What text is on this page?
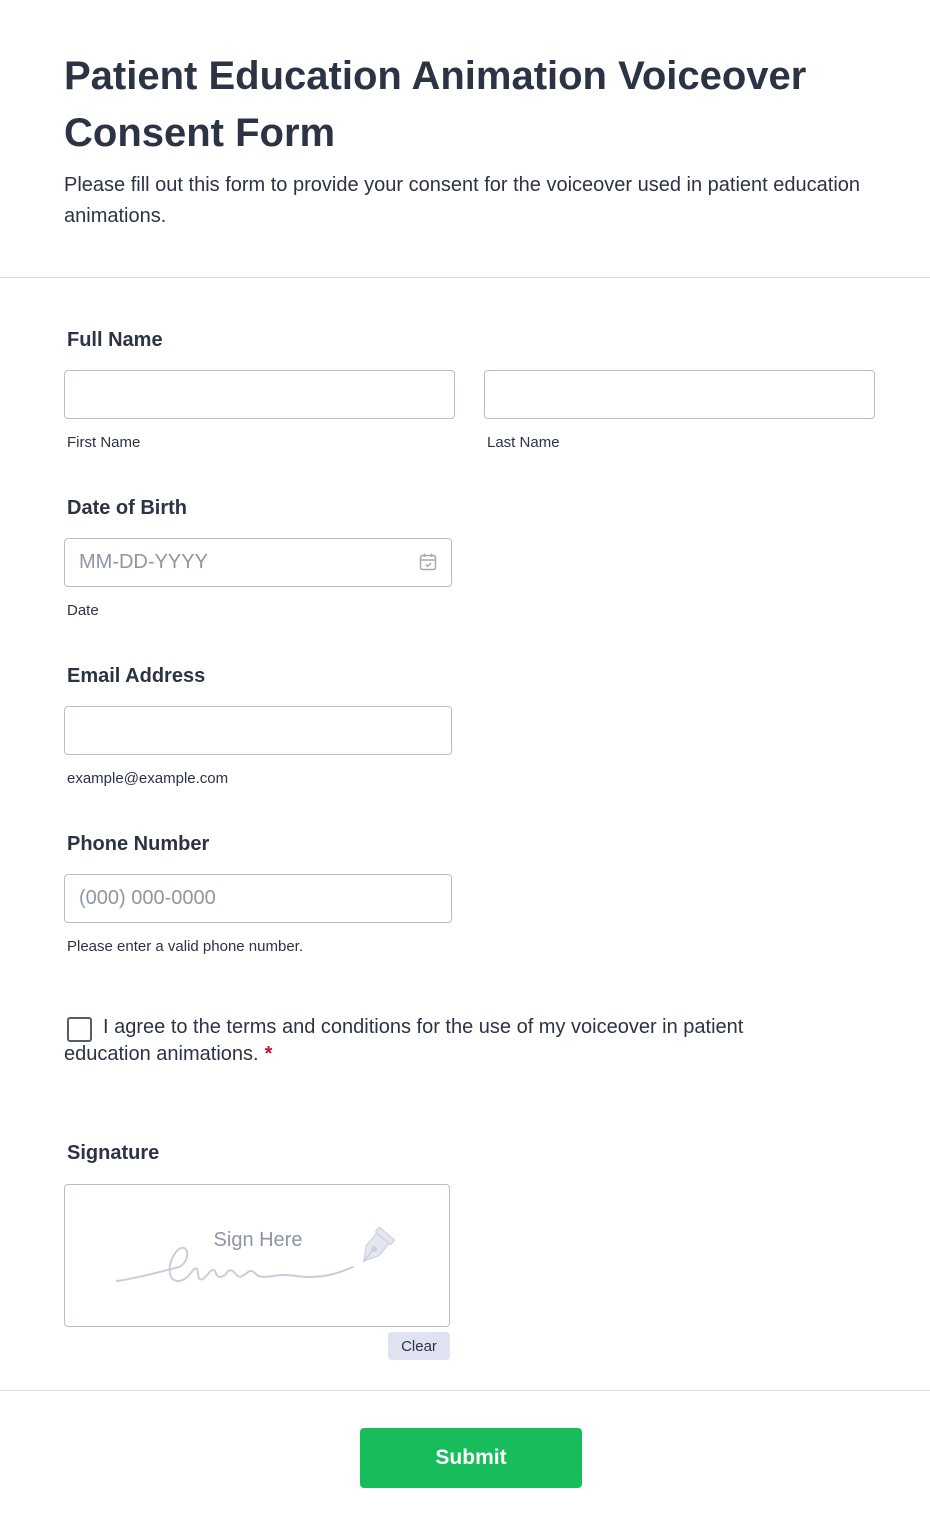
Patient Education Animation Voiceover Consent Form

Please fill out this form to provide your consent for the voiceover used in patient education animations.

Full Name
First Name	Last Name
Date of Birth
MM-DD-YYYY
Date
Email Address
example@example.com
Phone Number
(000) 000-0000
Please enter a valid phone number.

I agree to the terms and conditions for the use of my voiceover in patient education animations. *

Signature
Sign Here
Clear
Submit
